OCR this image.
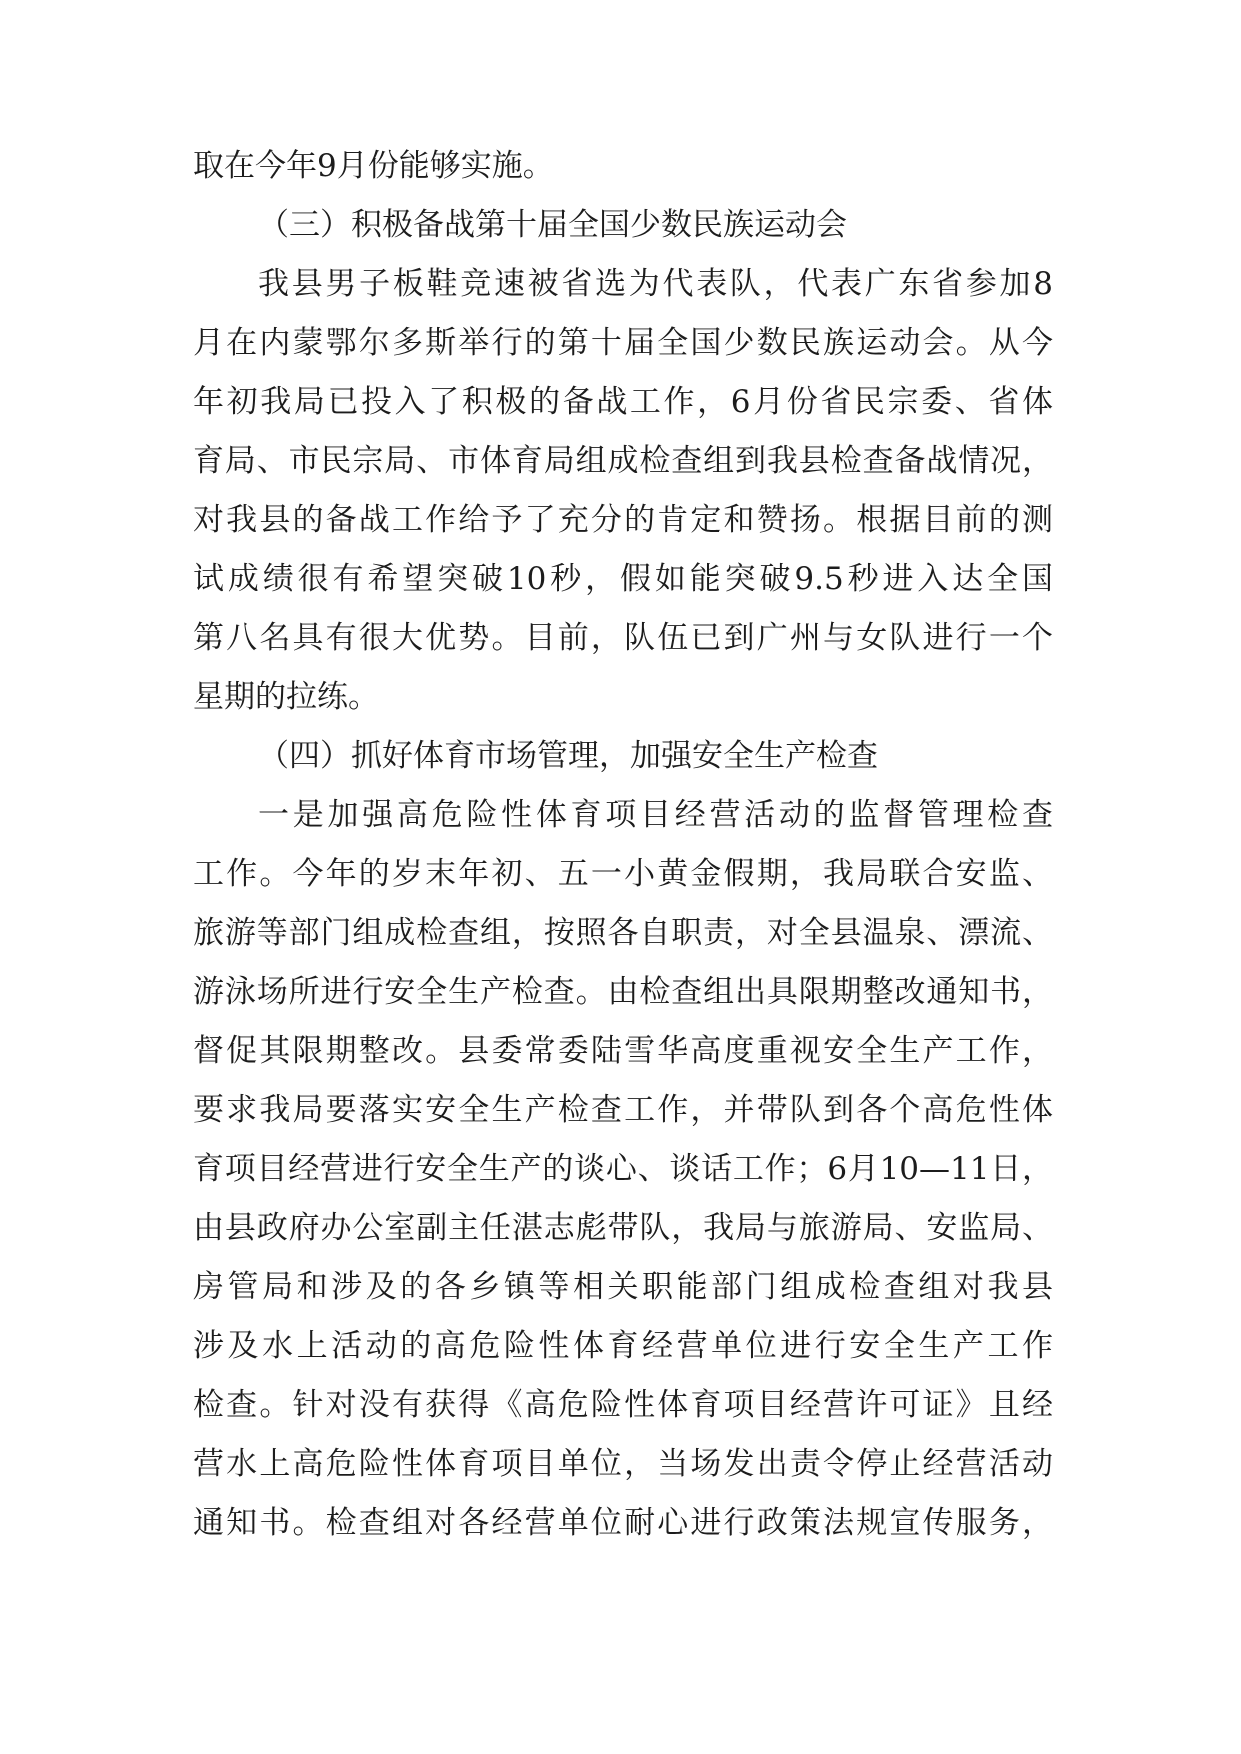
取在今年9月份能够实施。
（三）积极备战第十届全国少数民族运动会
我县男子板鞋竞速被省选为代表队，代表广东省参加8
月在内蒙鄂尔多斯举行的第十届全国少数民族运动会。从今
年初我局已投入了积极的备战工作，6月份省民宗委、省体
育局、市民宗局、市体育局组成检查组到我县检查备战情况，
对我县的备战工作给予了充分的肯定和赞扬。根据目前的测
试成绩很有希望突破10秒，假如能突破9.5秒进入达全国
第八名具有很大优势。目前，队伍已到广州与女队进行一个
星期的拉练。
（四）抓好体育市场管理，加强安全生产检查
一是加强高危险性体育项目经营活动的监督管理检查
工作。今年的岁末年初、五一小黄金假期，我局联合安监、
旅游等部门组成检查组，按照各自职责，对全县温泉、漂流、
游泳场所进行安全生产检查。由检查组出具限期整改通知书，
督促其限期整改。县委常委陆雪华高度重视安全生产工作，
要求我局要落实安全生产检查工作，并带队到各个高危性体
育项目经营进行安全生产的谈心、谈话工作；6月10—11日，
由县政府办公室副主任湛志彪带队，我局与旅游局、安监局、
房管局和涉及的各乡镇等相关职能部门组成检查组对我县
涉及水上活动的高危险性体育经营单位进行安全生产工作
检查。针对没有获得《高危险性体育项目经营许可证》且经
营水上高危险性体育项目单位，当场发出责令停止经营活动
通知书。检查组对各经营单位耐心进行政策法规宣传服务，
